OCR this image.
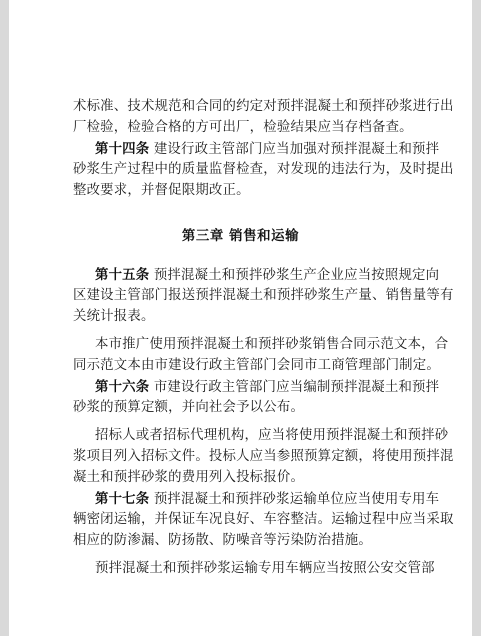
术标准、技术规范和合同的约定对预拌混凝土和预拌砂浆进行出
厂检验，检验合格的方可出厂，检验结果应当存档备查。
第十四条 建设行政主管部门应当加强对预拌混凝土和预拌
砂浆生产过程中的质量监督检查，对发现的违法行为，及时提出
整改要求，并督促限期改正。
第三章 销售和运输
第十五条 预拌混凝土和预拌砂浆生产企业应当按照规定向
区建设主管部门报送预拌混凝土和预拌砂浆生产量、销售量等有
关统计报表。
本市推广使用预拌混凝土和预拌砂浆销售合同示范文本，合
同示范文本由市建设行政主管部门会同市工商管理部门制定。
第十六条 市建设行政主管部门应当编制预拌混凝土和预拌
砂浆的预算定额，并向社会予以公布。
招标人或者招标代理机构，应当将使用预拌混凝土和预拌砂
浆项目列入招标文件。投标人应当参照预算定额，将使用预拌混
凝土和预拌砂浆的费用列入投标报价。
第十七条 预拌混凝土和预拌砂浆运输单位应当使用专用车
辆密闭运输，并保证车况良好、车容整洁。运输过程中应当采取
相应的防渗漏、防扬散、防噪音等污染防治措施。
预拌混凝土和预拌砂浆运输专用车辆应当按照公安交管部
